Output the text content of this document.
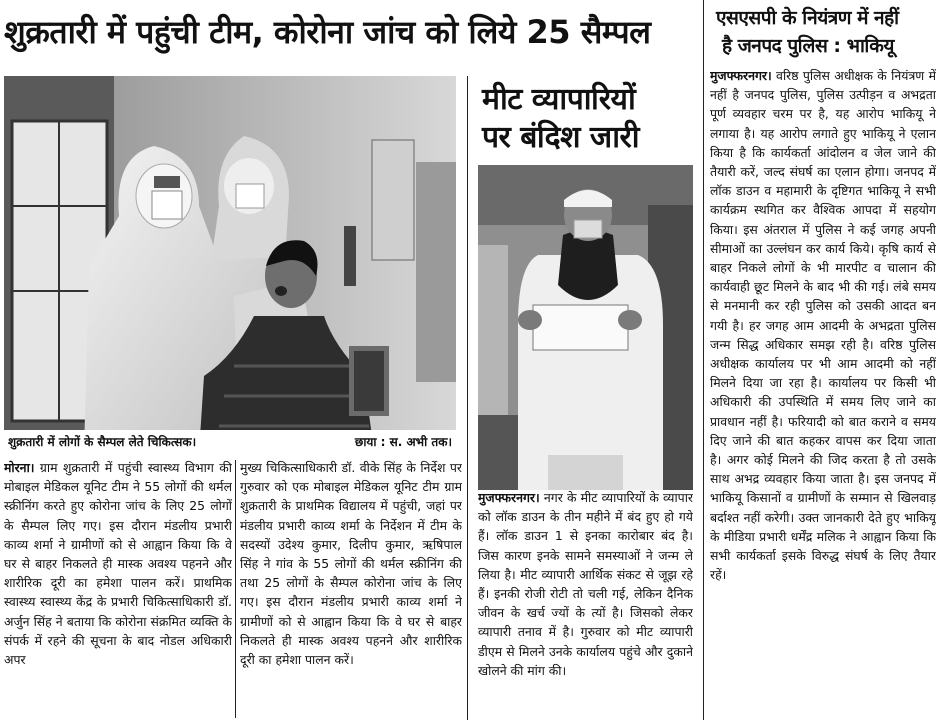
शुक्रतारी में पहुंची टीम, कोरोना जांच को लिये 25 सैम्पल
शुक्रतारी में लोगों के सैम्पल लेते चिकित्सक।	छाया : स. अभी तक।

मोरना। ग्राम शुक्रतारी में पहुंची स्वास्थ्य विभाग की मोबाइल मेडिकल यूनिट टीम ने 55 लोगों की थर्मल स्क्रीनिंग करते हुए कोरोना जांच के लिए 25 लोगों के सैम्पल लिए गए। इस दौरान मंडलीय प्रभारी काव्य शर्मा ने ग्रामीणों को से आह्वान किया कि वे घर से बाहर निकलते ही मास्क अवश्य पहनने और शारीरिक दूरी का हमेशा पालन करें। प्राथमिक स्वास्थ्य स्वास्थ्य केंद्र के प्रभारी चिकित्साधिकारी डॉ. अर्जुन सिंह ने बताया कि कोरोना संक्रमित व्यक्ति के संपर्क में रहने की सूचना के बाद नोडल अधिकारी अपर

मुख्य चिकित्साधिकारी डॉ. वीके सिंह के निर्देश पर गुरुवार को एक मोबाइल मेडिकल यूनिट टीम ग्राम शुक्रतारी के प्राथमिक विद्यालय में पहुंची, जहां पर मंडलीय प्रभारी काव्य शर्मा के निर्देशन में टीम के सदस्यों उदेश्य कुमार, दिलीप कुमार, ऋषिपाल सिंह ने गांव के 55 लोगों की थर्मल स्क्रीनिंग की तथा 25 लोगों के सैम्पल कोरोना जांच के लिए गए। इस दौरान मंडलीय प्रभारी काव्य शर्मा ने ग्रामीणों को से आह्वान किया कि वे घर से बाहर निकलते ही मास्क अवश्य पहनने और शारीरिक दूरी का हमेशा पालन करें।

मीट व्यापारियों
पर बंदिश जारी

मुजफ्फरनगर। नगर के मीट व्यापारियों के व्यापार को लॉक डाउन के तीन महीने में बंद हुए हो गये हैं। लॉक डाउन 1 से इनका कारोबार बंद है। जिस कारण इनके सामने समस्याओं ने जन्म ले लिया है। मीट व्यापारी आर्थिक संकट से जूझ रहे हैं। इनकी रोजी रोटी तो चली गई, लेकिन दैनिक जीवन के खर्च ज्यों के त्यों है। जिसको लेकर व्यापारी तनाव में है। गुरुवार को मीट व्यापारी डीएम से मिलने उनके कार्यालय पहुंचे और दुकाने खोलने की मांग की।

एसएसपी के नियंत्रण में नहीं
है जनपद पुलिस : भाकियू

मुजफ्फरनगर। वरिष्ठ पुलिस अधीक्षक के नियंत्रण में नहीं है जनपद पुलिस, पुलिस उत्पीड़न व अभद्रता पूर्ण व्यवहार चरम पर है, यह आरोप भाकियू ने लगाया है। यह आरोप लगाते हुए भाकियू ने एलान किया है कि कार्यकर्ता आंदोलन व जेल जाने की तैयारी करें, जल्द संघर्ष का एलान होगा। जनपद में लॉक डाउन व महामारी के दृष्टिगत भाकियू ने सभी कार्यक्रम स्थगित कर वैश्विक आपदा में सहयोग किया। इस अंतराल में पुलिस ने कई जगह अपनी सीमाओं का उल्लंघन कर कार्य किये। कृषि कार्य से बाहर निकले लोगों के भी मारपीट व चालान की कार्यवाही छूट मिलने के बाद भी की गई। लंबे समय से मनमानी कर रही पुलिस को उसकी आदत बन गयी है। हर जगह आम आदमी के अभद्रता पुलिस जन्म सिद्ध अधिकार समझ रही है। वरिष्ठ पुलिस अधीक्षक कार्यालय पर भी आम आदमी को नहीं मिलने दिया जा रहा है। कार्यालय पर किसी भी अधिकारी की उपस्थिति में समय लिए जाने का प्रावधान नहीं है। फरियादी को बात कराने व समय दिए जाने की बात कहकर वापस कर दिया जाता है। अगर कोई मिलने की जिद करता है तो उसके साथ अभद्र व्यवहार किया जाता है। इस जनपद में भाकियू किसानों व ग्रामीणों के सम्मान से खिलवाड़ बर्दाश्त नहीं करेगी। उक्त जानकारी देते हुए भाकियू के मीडिया प्रभारी धर्मेंद्र मलिक ने आह्वान किया कि सभी कार्यकर्ता इसके विरुद्ध संघर्ष के लिए तैयार रहें।
